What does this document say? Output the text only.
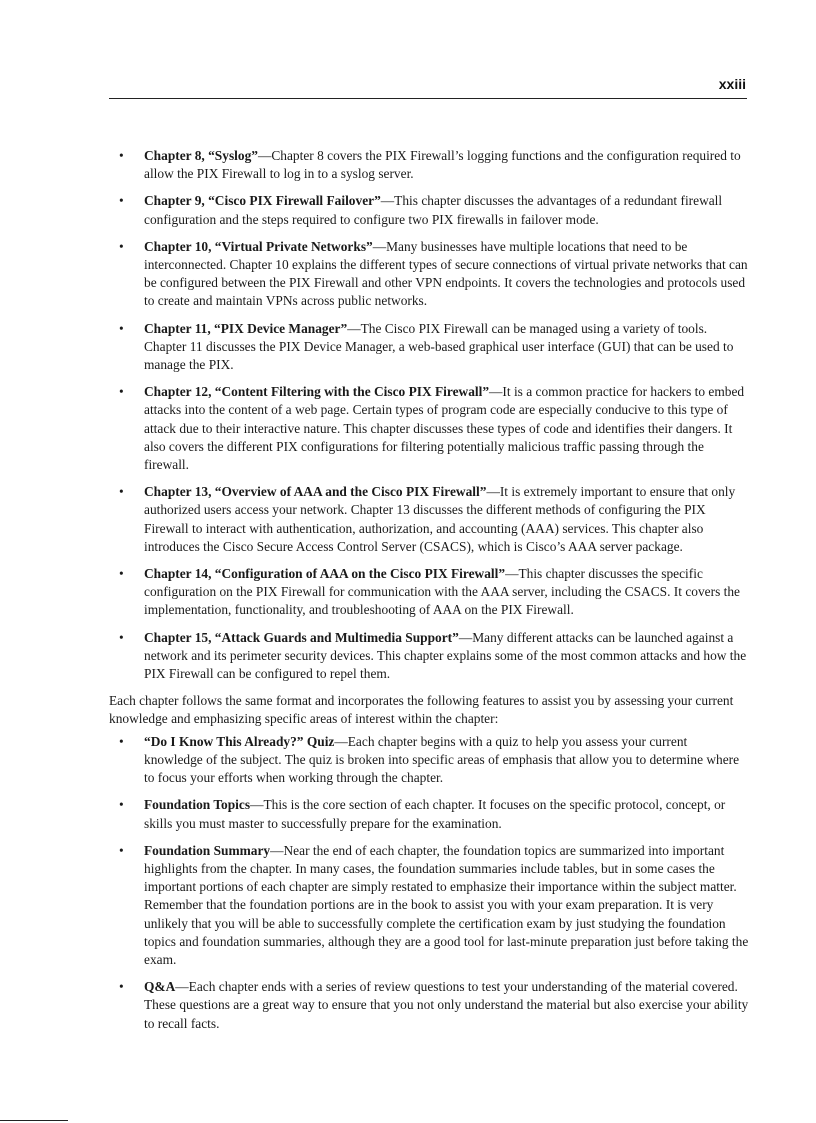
xxiii
• Chapter 8, “Syslog”—Chapter 8 covers the PIX Firewall’s logging functions and the configuration required to allow the PIX Firewall to log in to a syslog server.
• Chapter 9, “Cisco PIX Firewall Failover”—This chapter discusses the advantages of a redundant firewall configuration and the steps required to configure two PIX firewalls in failover mode.
• Chapter 10, “Virtual Private Networks”—Many businesses have multiple locations that need to be interconnected. Chapter 10 explains the different types of secure connections of virtual private networks that can be configured between the PIX Firewall and other VPN endpoints. It covers the technologies and protocols used to create and maintain VPNs across public networks.
• Chapter 11, “PIX Device Manager”—The Cisco PIX Firewall can be managed using a variety of tools. Chapter 11 discusses the PIX Device Manager, a web-based graphical user interface (GUI) that can be used to manage the PIX.
• Chapter 12, “Content Filtering with the Cisco PIX Firewall”—It is a common practice for hackers to embed attacks into the content of a web page. Certain types of program code are especially conducive to this type of attack due to their interactive nature. This chapter discusses these types of code and identifies their dangers. It also covers the different PIX configurations for filtering potentially malicious traffic passing through the firewall.
• Chapter 13, “Overview of AAA and the Cisco PIX Firewall”—It is extremely important to ensure that only authorized users access your network. Chapter 13 discusses the different methods of configuring the PIX Firewall to interact with authentication, authorization, and accounting (AAA) services. This chapter also introduces the Cisco Secure Access Control Server (CSACS), which is Cisco’s AAA server package.
• Chapter 14, “Configuration of AAA on the Cisco PIX Firewall”—This chapter discusses the specific configuration on the PIX Firewall for communication with the AAA server, including the CSACS. It covers the implementation, functionality, and troubleshooting of AAA on the PIX Firewall.
• Chapter 15, “Attack Guards and Multimedia Support”—Many different attacks can be launched against a network and its perimeter security devices. This chapter explains some of the most common attacks and how the PIX Firewall can be configured to repel them.

Each chapter follows the same format and incorporates the following features to assist you by assessing your current knowledge and emphasizing specific areas of interest within the chapter:

• “Do I Know This Already?” Quiz—Each chapter begins with a quiz to help you assess your current knowledge of the subject. The quiz is broken into specific areas of emphasis that allow you to determine where to focus your efforts when working through the chapter.
• Foundation Topics—This is the core section of each chapter. It focuses on the specific protocol, concept, or skills you must master to successfully prepare for the examination.
• Foundation Summary—Near the end of each chapter, the foundation topics are summarized into important highlights from the chapter. In many cases, the foundation summaries include tables, but in some cases the important portions of each chapter are simply restated to emphasize their importance within the subject matter. Remember that the foundation portions are in the book to assist you with your exam preparation. It is very unlikely that you will be able to successfully complete the certification exam by just studying the foundation topics and foundation summaries, although they are a good tool for last-minute preparation just before taking the exam.
• Q&A—Each chapter ends with a series of review questions to test your understanding of the material covered. These questions are a great way to ensure that you not only understand the material but also exercise your ability to recall facts.
